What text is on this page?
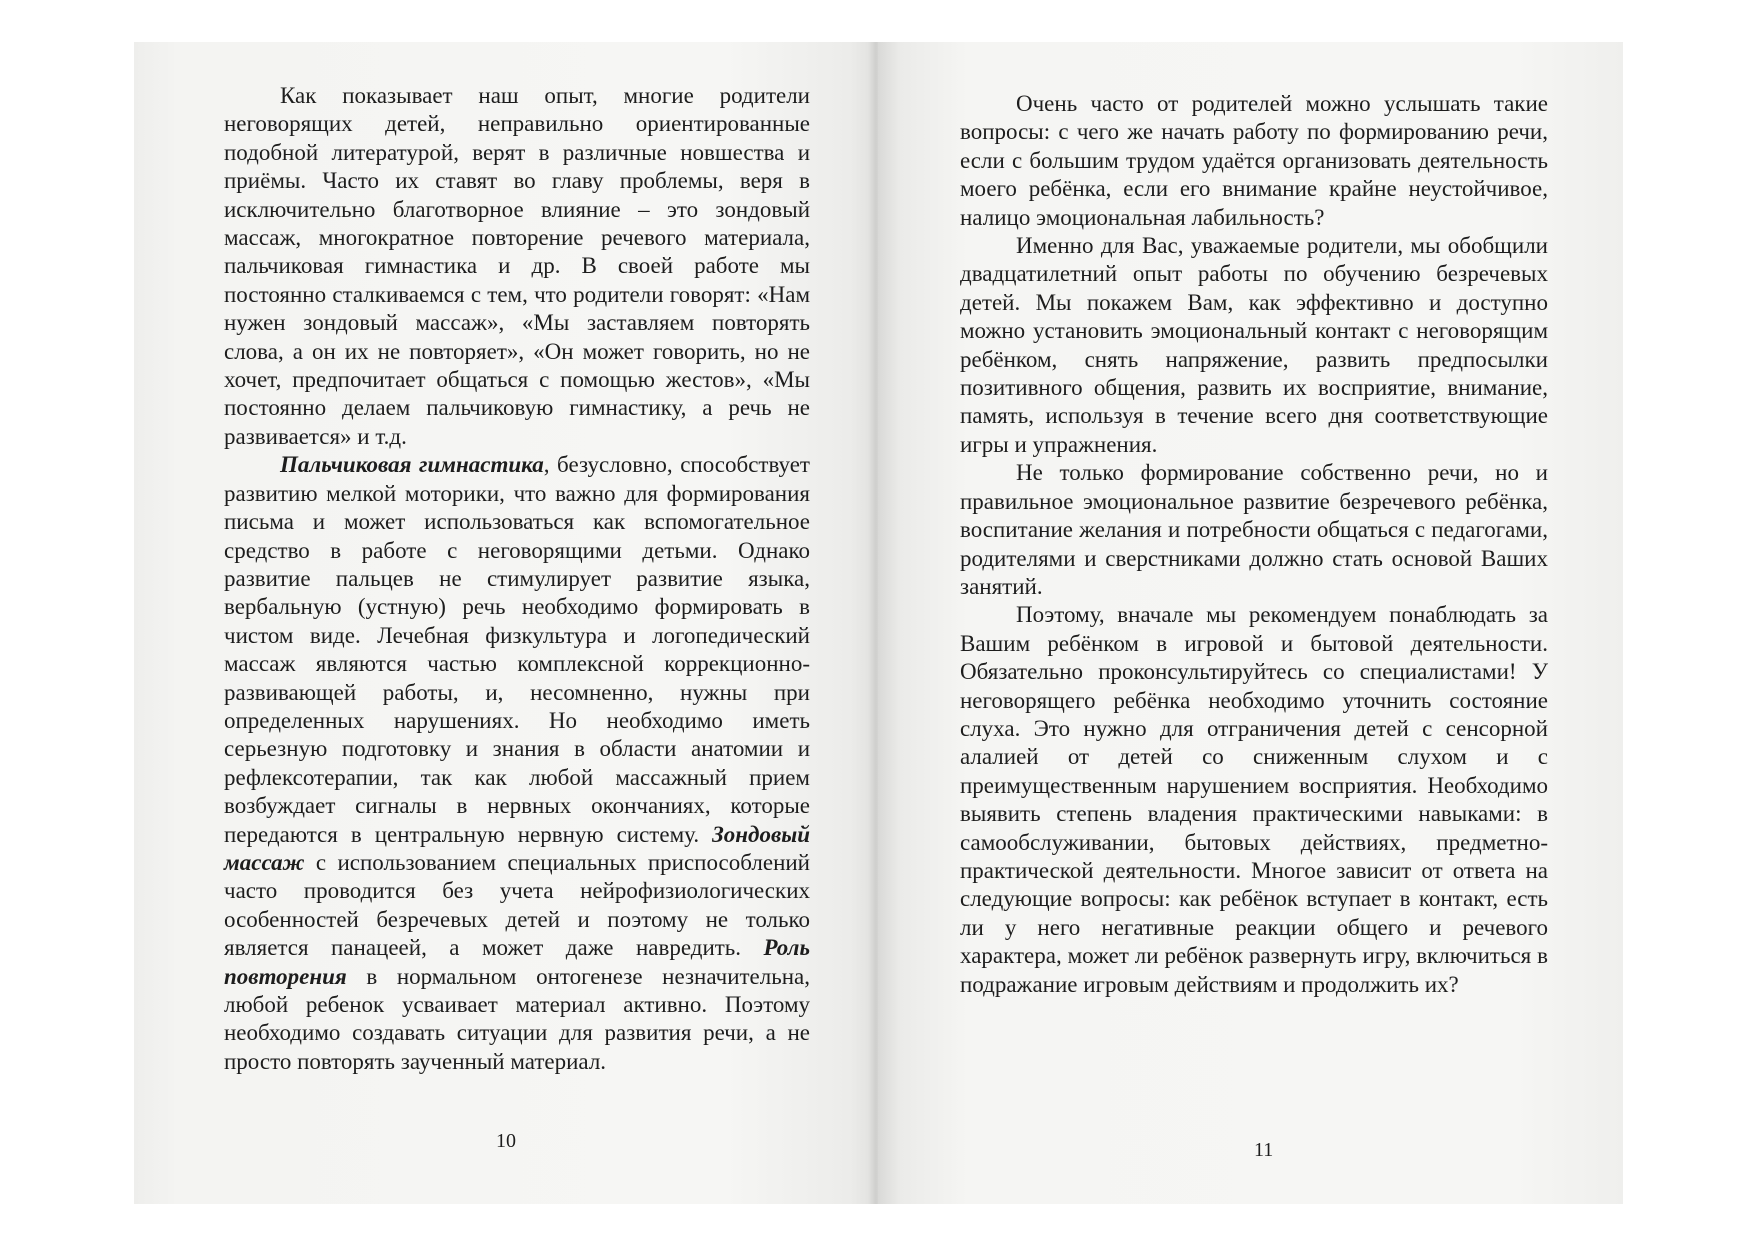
Как показывает наш опыт, многие родители неговорящих детей, неправильно ориентированные подобной литературой, верят в различные новшества и приёмы. Часто их ставят во главу проблемы, веря в исключительно благотворное влияние – это зондовый массаж, многократное повторение речевого материала, пальчиковая гимнастика и др. В своей работе мы постоянно сталкиваемся с тем, что родители говорят: «Нам нужен зондовый массаж», «Мы заставляем повторять слова, а он их не повторяет», «Он может говорить, но не хочет, предпочитает общаться с помощью жестов», «Мы постоянно делаем пальчиковую гимнастику, а речь не развивается» и т.д.

Пальчиковая гимнастика, безусловно, способствует развитию мелкой моторики, что важно для формирования письма и может использоваться как вспомогательное средство в работе с неговорящими детьми. Однако развитие пальцев не стимулирует развитие языка, вербальную (устную) речь необходимо формировать в чистом виде. Лечебная физкультура и логопедический массаж являются частью комплексной коррекционно-развивающей работы, и, несомненно, нужны при определенных нарушениях. Но необходимо иметь серьезную подготовку и знания в области анатомии и рефлексотерапии, так как любой массажный прием возбуждает сигналы в нервных окончаниях, которые передаются в центральную нервную систему. Зондовый массаж с использованием специальных приспособлений часто проводится без учета нейрофизиологических особенностей безречевых детей и поэтому не только является панацеей, а может даже навредить. Роль повторения в нормальном онтогенезе незначительна, любой ребенок усваивает материал активно. Поэтому необходимо создавать ситуации для развития речи, а не просто повторять заученный материал.

10

Очень часто от родителей можно услышать такие вопросы: с чего же начать работу по формированию речи, если с большим трудом удаётся организовать деятельность моего ребёнка, если его внимание крайне неустойчивое, налицо эмоциональная лабильность?

Именно для Вас, уважаемые родители, мы обобщили двадцатилетний опыт работы по обучению безречевых детей. Мы покажем Вам, как эффективно и доступно можно установить эмоциональный контакт с неговорящим ребёнком, снять напряжение, развить предпосылки позитивного общения, развить их восприятие, внимание, память, используя в течение всего дня соответствующие игры и упражнения.

Не только формирование собственно речи, но и правильное эмоциональное развитие безречевого ребёнка, воспитание желания и потребности общаться с педагогами, родителями и сверстниками должно стать основой Ваших занятий.

Поэтому, вначале мы рекомендуем понаблюдать за Вашим ребёнком в игровой и бытовой деятельности. Обязательно проконсультируйтесь со специалистами! У неговорящего ребёнка необходимо уточнить состояние слуха. Это нужно для отграничения детей с сенсорной алалией от детей со сниженным слухом и с преимущественным нарушением восприятия. Необходимо выявить степень владения практическими навыками: в самообслуживании, бытовых действиях, предметно-практической деятельности. Многое зависит от ответа на следующие вопросы: как ребёнок вступает в контакт, есть ли у него негативные реакции общего и речевого характера, может ли ребёнок развернуть игру, включиться в подражание игровым действиям и продолжить их?

11
